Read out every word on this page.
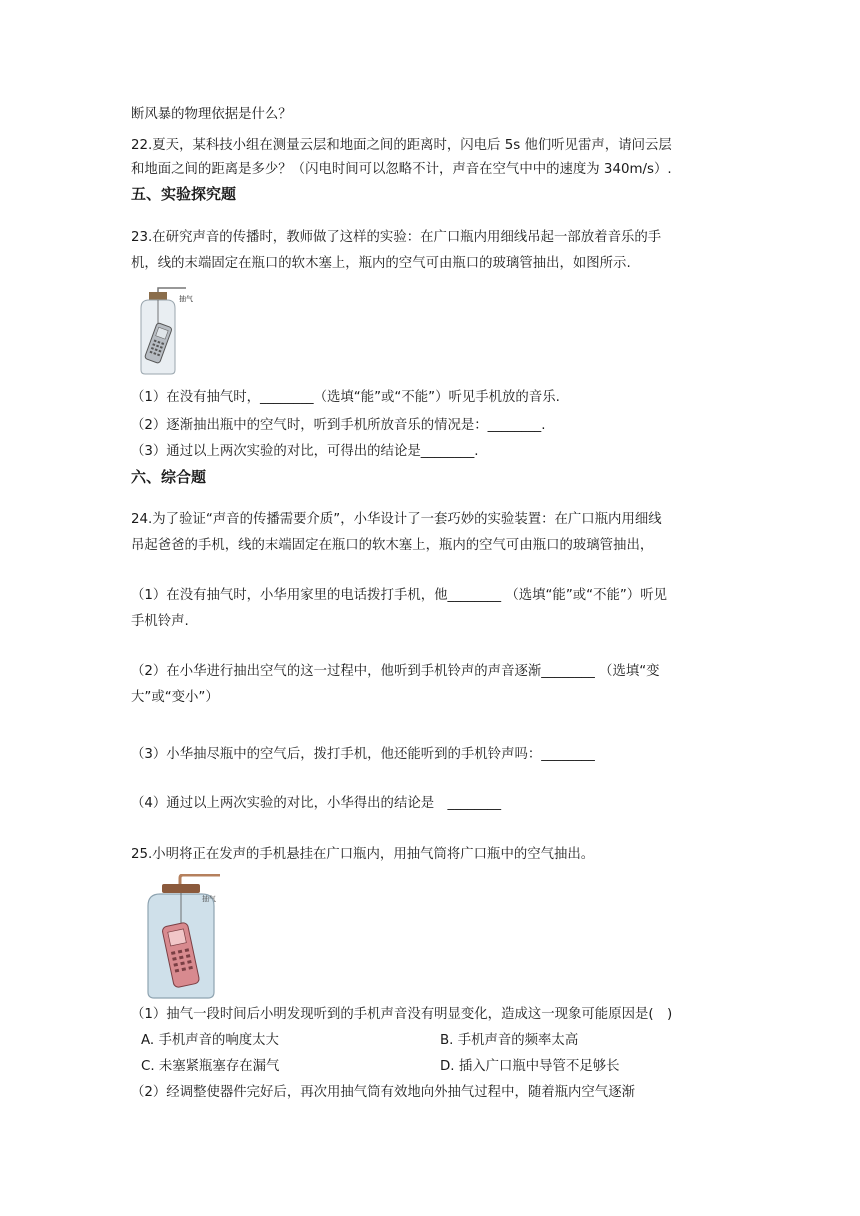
断风暴的物理依据是什么？
22.夏天，某科技小组在测量云层和地面之间的距离时，闪电后 5s 他们听见雷声，请问云层
和地面之间的距离是多少？（闪电时间可以忽略不计，声音在空气中中的速度为 340m/s）.
五、实验探究题
23.在研究声音的传播时，教师做了这样的实验：在广口瓶内用细线吊起一部放着音乐的手
机，线的末端固定在瓶口的软木塞上，瓶内的空气可由瓶口的玻璃管抽出，如图所示.
抽气
（1）在没有抽气时，________（选填“能”或“不能”）听见手机放的音乐.
（2）逐渐抽出瓶中的空气时，听到手机所放音乐的情况是：________.
（3）通过以上两次实验的对比，可得出的结论是________.
六、综合题
24.为了验证“声音的传播需要介质”，小华设计了一套巧妙的实验装置：在广口瓶内用细线
吊起爸爸的手机，线的末端固定在瓶口的软木塞上，瓶内的空气可由瓶口的玻璃管抽出，
（1）在没有抽气时，小华用家里的电话拨打手机，他________ （选填“能”或“不能”）听见
手机铃声.
（2）在小华进行抽出空气的这一过程中，他听到手机铃声的声音逐渐________ （选填“变
大”或“变小”）
（3）小华抽尽瓶中的空气后，拨打手机，他还能听到的手机铃声吗：________
（4）通过以上两次实验的对比，小华得出的结论是　________
25.小明将正在发声的手机悬挂在广口瓶内，用抽气筒将广口瓶中的空气抽出。
抽气
（1）抽气一段时间后小明发现听到的手机声音没有明显变化，造成这一现象可能原因是(　)
A. 手机声音的响度太大	B. 手机声音的频率太高
C. 未塞紧瓶塞存在漏气	D. 插入广口瓶中导管不足够长
（2）经调整使器件完好后，再次用抽气筒有效地向外抽气过程中，随着瓶内空气逐渐
